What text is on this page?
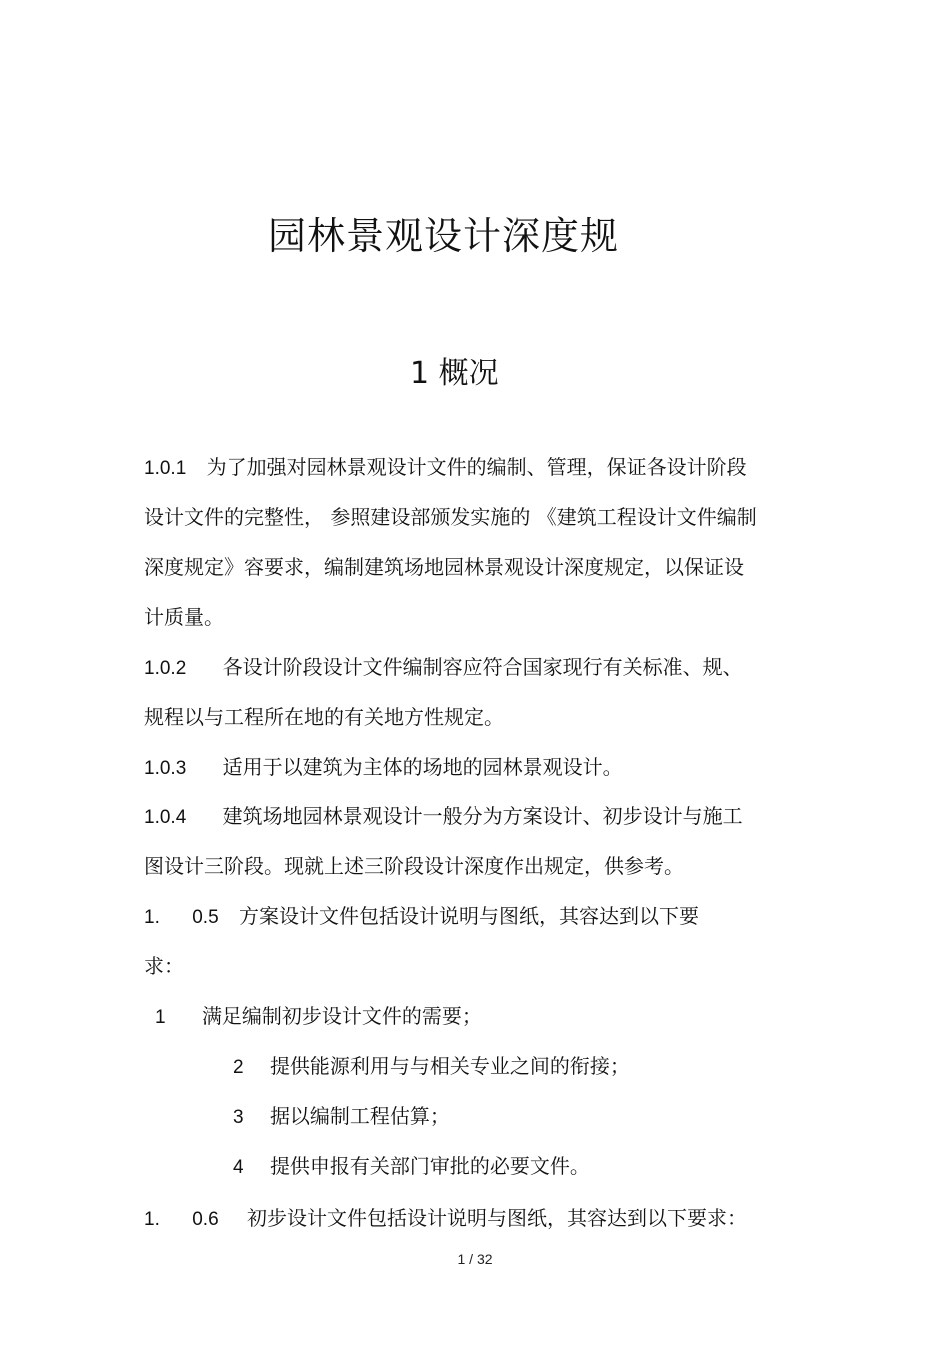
园林景观设计深度规
1 概况
1.0.1 为了加强对园林景观设计文件的编制、管理，保证各设计阶段
设计文件的完整性， 参照建设部颁发实施的 《建筑工程设计文件编制
深度规定》容要求，编制建筑场地园林景观设计深度规定，以保证设
计质量。
1.0.2 各设计阶段设计文件编制容应符合国家现行有关标准、规、
规程以与工程所在地的有关地方性规定。
1.0.3 适用于以建筑为主体的场地的园林景观设计。
1.0.4 建筑场地园林景观设计一般分为方案设计、初步设计与施工
图设计三阶段。现就上述三阶段设计深度作出规定，供参考。
1. 0.5 方案设计文件包括设计说明与图纸，其容达到以下要
求：
1 满足编制初步设计文件的需要；
2 提供能源利用与与相关专业之间的衔接；
3 据以编制工程估算；
4 提供申报有关部门审批的必要文件。
1. 0.6 初步设计文件包括设计说明与图纸，其容达到以下要求：
1 / 32
